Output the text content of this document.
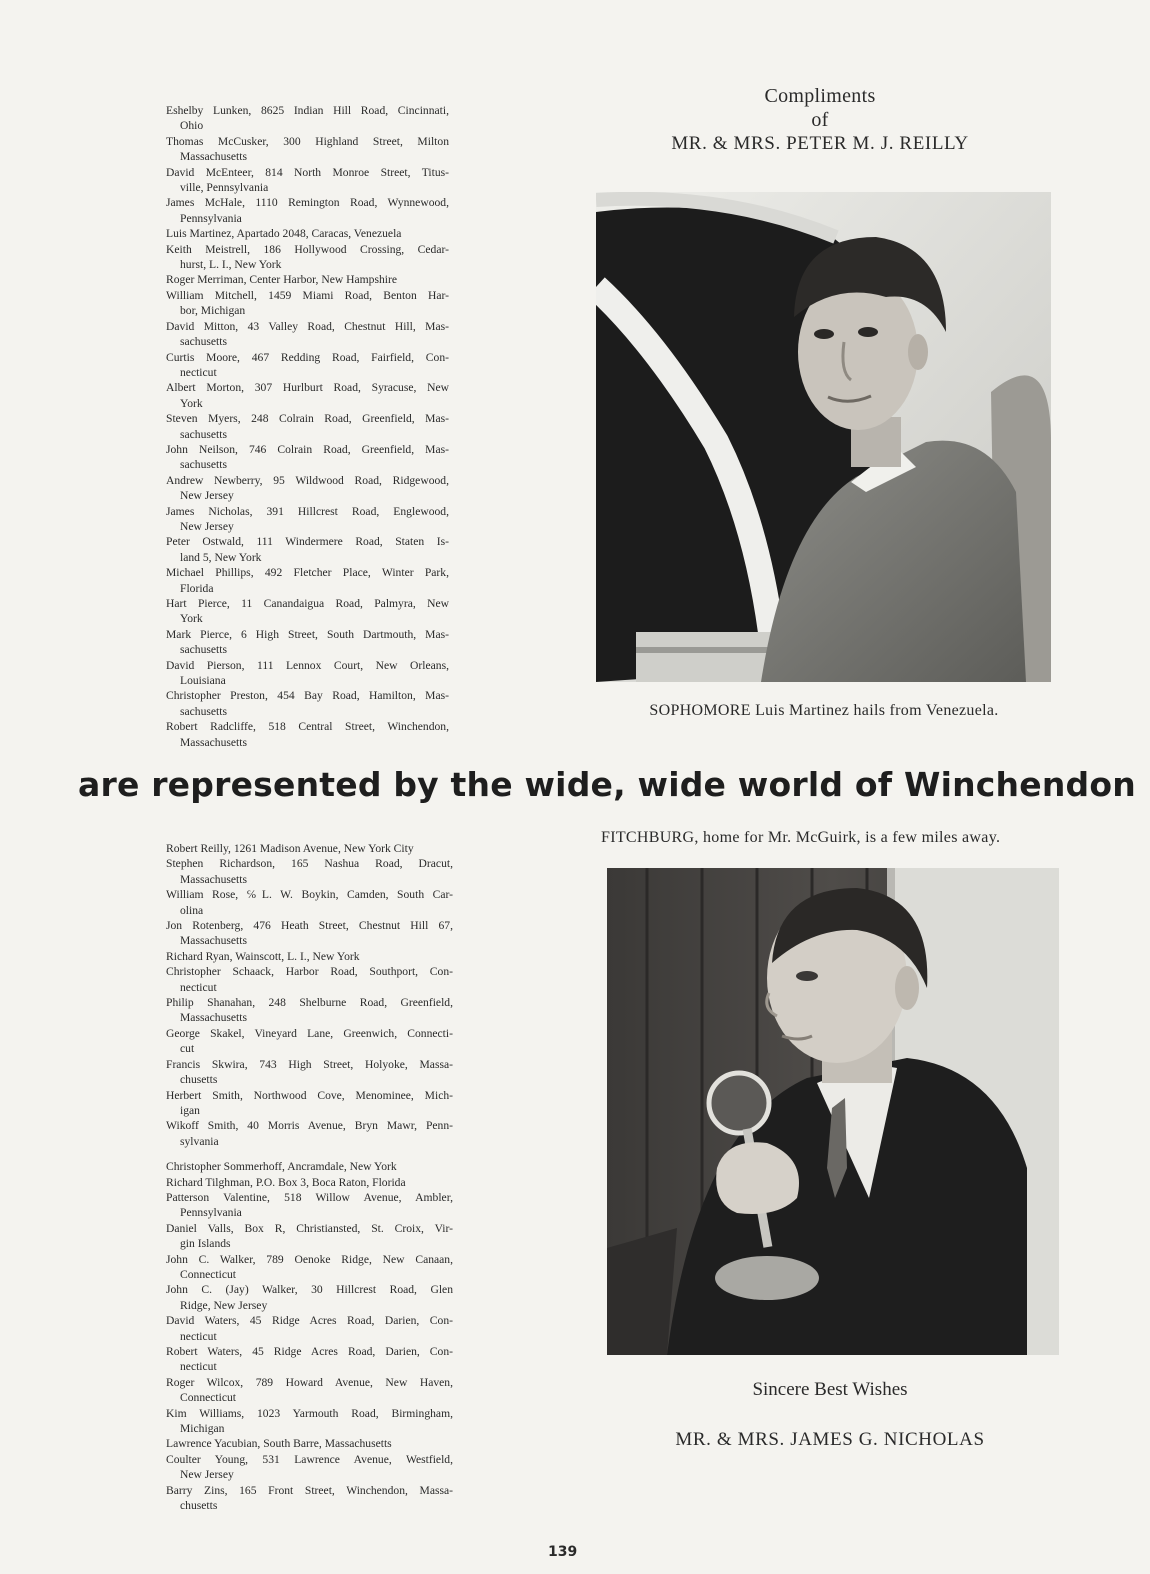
Eshelby Lunken, 8625 Indian Hill Road, Cincinnati,
Ohio
Thomas McCusker, 300 Highland Street, Milton
Massachusetts
David McEnteer, 814 North Monroe Street, Titus-
ville, Pennsylvania
James McHale, 1110 Remington Road, Wynnewood,
Pennsylvania
Luis Martinez, Apartado 2048, Caracas, Venezuela
Keith Meistrell, 186 Hollywood Crossing, Cedar-
hurst, L. I., New York
Roger Merriman, Center Harbor, New Hampshire
William Mitchell, 1459 Miami Road, Benton Har-
bor, Michigan
David Mitton, 43 Valley Road, Chestnut Hill, Mas-
sachusetts
Curtis Moore, 467 Redding Road, Fairfield, Con-
necticut
Albert Morton, 307 Hurlburt Road, Syracuse, New
York
Steven Myers, 248 Colrain Road, Greenfield, Mas-
sachusetts
John Neilson, 746 Colrain Road, Greenfield, Mas-
sachusetts
Andrew Newberry, 95 Wildwood Road, Ridgewood,
New Jersey
James Nicholas, 391 Hillcrest Road, Englewood,
New Jersey
Peter Ostwald, 111 Windermere Road, Staten Is-
land 5, New York
Michael Phillips, 492 Fletcher Place, Winter Park,
Florida
Hart Pierce, 11 Canandaigua Road, Palmyra, New
York
Mark Pierce, 6 High Street, South Dartmouth, Mas-
sachusetts
David Pierson, 111 Lennox Court, New Orleans,
Louisiana
Christopher Preston, 454 Bay Road, Hamilton, Mas-
sachusetts
Robert Radcliffe, 518 Central Street, Winchendon,
Massachusetts
Compliments
of
MR. & MRS. PETER M. J. REILLY
SOPHOMORE Luis Martinez hails from Venezuela.
are represented by the wide, wide world of Winchendon
Robert Reilly, 1261 Madison Avenue, New York City
Stephen Richardson, 165 Nashua Road, Dracut,
Massachusetts
William Rose, ℅L. W. Boykin, Camden, South Car-
olina
Jon Rotenberg, 476 Heath Street, Chestnut Hill 67,
Massachusetts
Richard Ryan, Wainscott, L. I., New York
Christopher Schaack, Harbor Road, Southport, Con-
necticut
Philip Shanahan, 248 Shelburne Road, Greenfield,
Massachusetts
George Skakel, Vineyard Lane, Greenwich, Connecti-
cut
Francis Skwira, 743 High Street, Holyoke, Massa-
chusetts
Herbert Smith, Northwood Cove, Menominee, Mich-
igan
Wikoff Smith, 40 Morris Avenue, Bryn Mawr, Penn-
sylvania
Christopher Sommerhoff, Ancramdale, New York
Richard Tilghman, P.O. Box 3, Boca Raton, Florida
Patterson Valentine, 518 Willow Avenue, Ambler,
Pennsylvania
Daniel Valls, Box R, Christiansted, St. Croix, Vir-
gin Islands
John C. Walker, 789 Oenoke Ridge, New Canaan,
Connecticut
John C. (Jay) Walker, 30 Hillcrest Road, Glen
Ridge, New Jersey
David Waters, 45 Ridge Acres Road, Darien, Con-
necticut
Robert Waters, 45 Ridge Acres Road, Darien, Con-
necticut
Roger Wilcox, 789 Howard Avenue, New Haven,
Connecticut
Kim Williams, 1023 Yarmouth Road, Birmingham,
Michigan
Lawrence Yacubian, South Barre, Massachusetts
Coulter Young, 531 Lawrence Avenue, Westfield,
New Jersey
Barry Zins, 165 Front Street, Winchendon, Massa-
chusetts
FITCHBURG, home for Mr. McGuirk, is a few miles away.
Sincere Best Wishes
MR. & MRS. JAMES G. NICHOLAS
139
